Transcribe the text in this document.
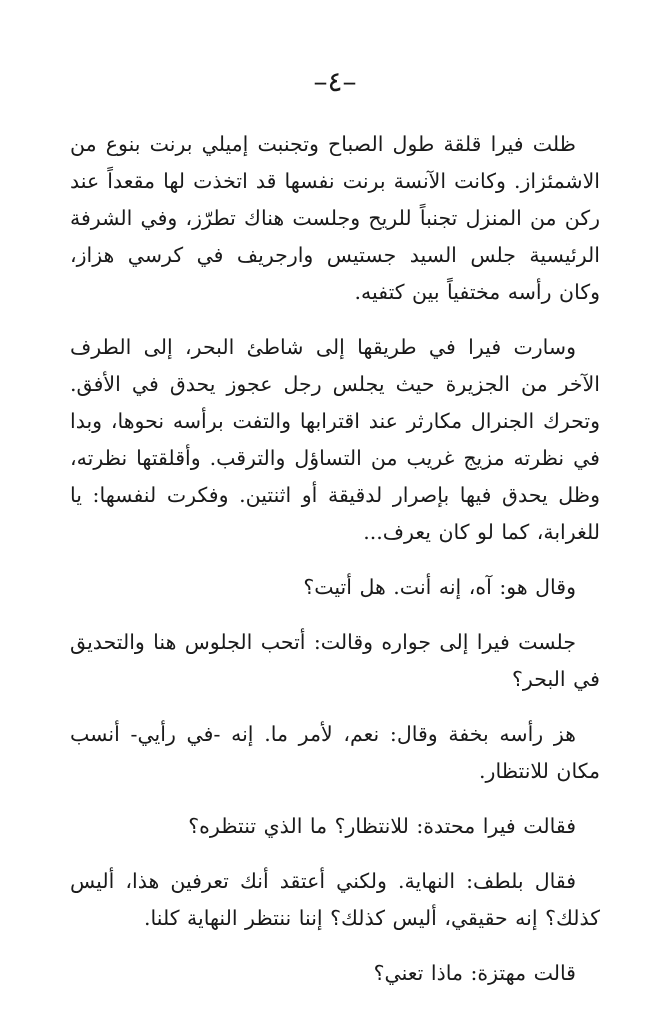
–٤–

ظلت فيرا قلقة طول الصباح وتجنبت إميلي برنت بنوع من الاشمئزاز. وكانت الآنسة برنت نفسها قد اتخذت لها مقعداً عند ركن من المنزل تجنباً للريح وجلست هناك تطرّز، وفي الشرفة الرئيسية جلس السيد جستيس وارجريف في كرسي هزاز، وكان رأسه مختفياً بين كتفيه.

وسارت فيرا في طريقها إلى شاطئ البحر، إلى الطرف الآخر من الجزيرة حيث يجلس رجل عجوز يحدق في الأفق. وتحرك الجنرال مكارثر عند اقترابها والتفت برأسه نحوها، وبدا في نظرته مزيج غريب من التساؤل والترقب. وأقلقتها نظرته، وظل يحدق فيها بإصرار لدقيقة أو اثنتين. وفكرت لنفسها: يا للغرابة، كما لو كان يعرف...

وقال هو: آه، إنه أنت. هل أتيت؟

جلست فيرا إلى جواره وقالت: أتحب الجلوس هنا والتحديق في البحر؟

هز رأسه بخفة وقال: نعم، لأمر ما. إنه -في رأيي- أنسب مكان للانتظار.

فقالت فيرا محتدة: للانتظار؟ ما الذي تنتظره؟

فقال بلطف: النهاية. ولكني أعتقد أنك تعرفين هذا، أليس كذلك؟ إنه حقيقي، أليس كذلك؟ إننا ننتظر النهاية كلنا.

قالت مهتزة: ماذا تعني؟
